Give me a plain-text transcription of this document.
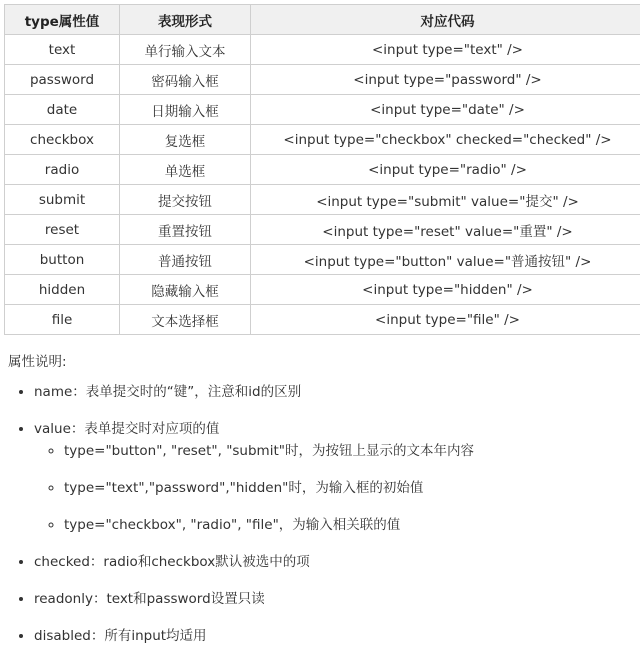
type属性值	表现形式	对应代码
text	单行输入文本	<input type="text" />
password	密码输入框	<input type="password" />
date	日期输入框	<input type="date" />
checkbox	复选框	<input type="checkbox" checked="checked" />
radio	单选框	<input type="radio" />
submit	提交按钮	<input type="submit" value="提交" />
reset	重置按钮	<input type="reset" value="重置" />
button	普通按钮	<input type="button" value="普通按钮" />
hidden	隐藏输入框	<input type="hidden" />
file	文本选择框	<input type="file" />
属性说明:
• name：表单提交时的“键”，注意和id的区别
• value：表单提交时对应项的值
◦ type="button", "reset", "submit"时，为按钮上显示的文本年内容
◦ type="text","password","hidden"时，为输入框的初始值
◦ type="checkbox", "radio", "file"，为输入相关联的值
• checked：radio和checkbox默认被选中的项
• readonly：text和password设置只读
• disabled：所有input均适用
